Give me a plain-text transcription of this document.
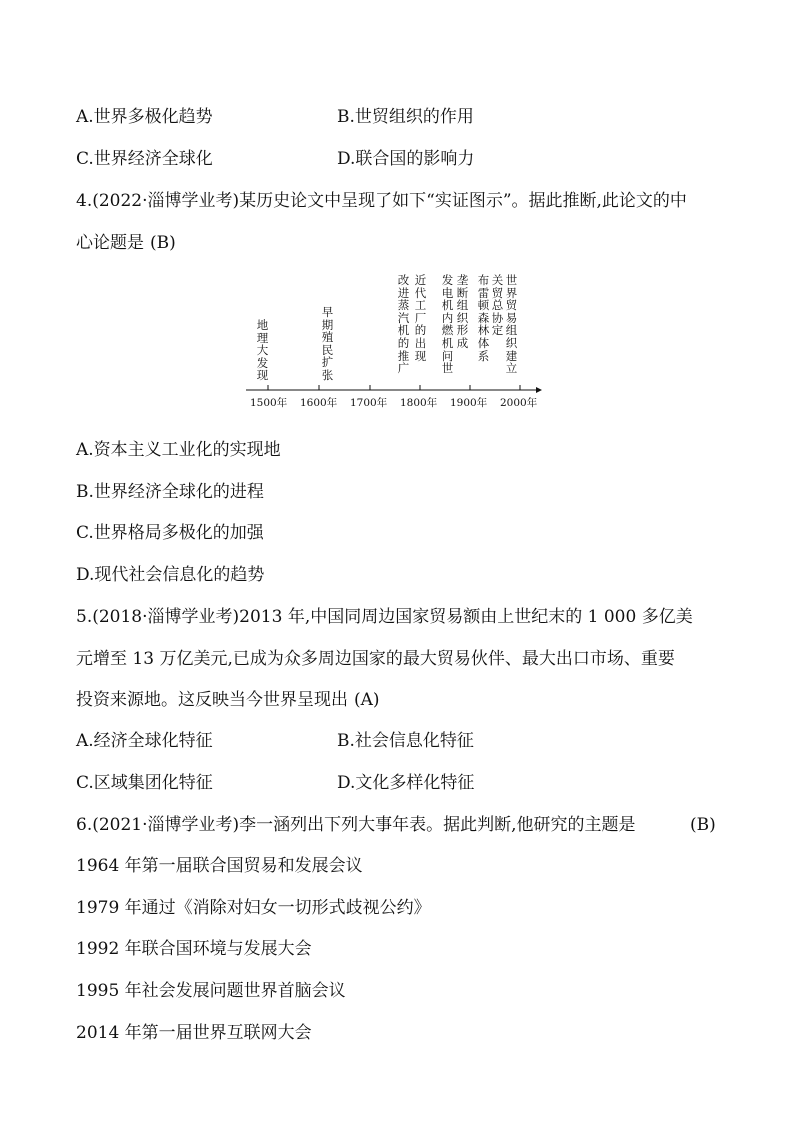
A.世界多极化趋势	B.世贸组织的作用
C.世界经济全球化	D.联合国的影响力
4.(2022·淄博学业考)某历史论文中呈现了如下“实证图示”。据此推断,此论文的中
心论题是 (B)
1500年 1600年 1700年 1800年 1900年 2000年
地理大发现
早期殖民扩张
改进蒸汽机的推广
近代工厂的出现
发电机内燃机问世
垄断组织形成
布雷顿森林体系
关贸总协定
世界贸易组织建立
A.资本主义工业化的实现地
B.世界经济全球化的进程
C.世界格局多极化的加强
D.现代社会信息化的趋势
5.(2018·淄博学业考)2013 年,中国同周边国家贸易额由上世纪末的 1 000 多亿美
元增至 13 万亿美元,已成为众多周边国家的最大贸易伙伴、最大出口市场、重要
投资来源地。这反映当今世界呈现出 (A)
A.经济全球化特征	B.社会信息化特征
C.区域集团化特征	D.文化多样化特征
6.(2021·淄博学业考)李一涵列出下列大事年表。据此判断,他研究的主题是	(B)
1964 年第一届联合国贸易和发展会议
1979 年通过《消除对妇女一切形式歧视公约》
1992 年联合国环境与发展大会
1995 年社会发展问题世界首脑会议
2014 年第一届世界互联网大会
